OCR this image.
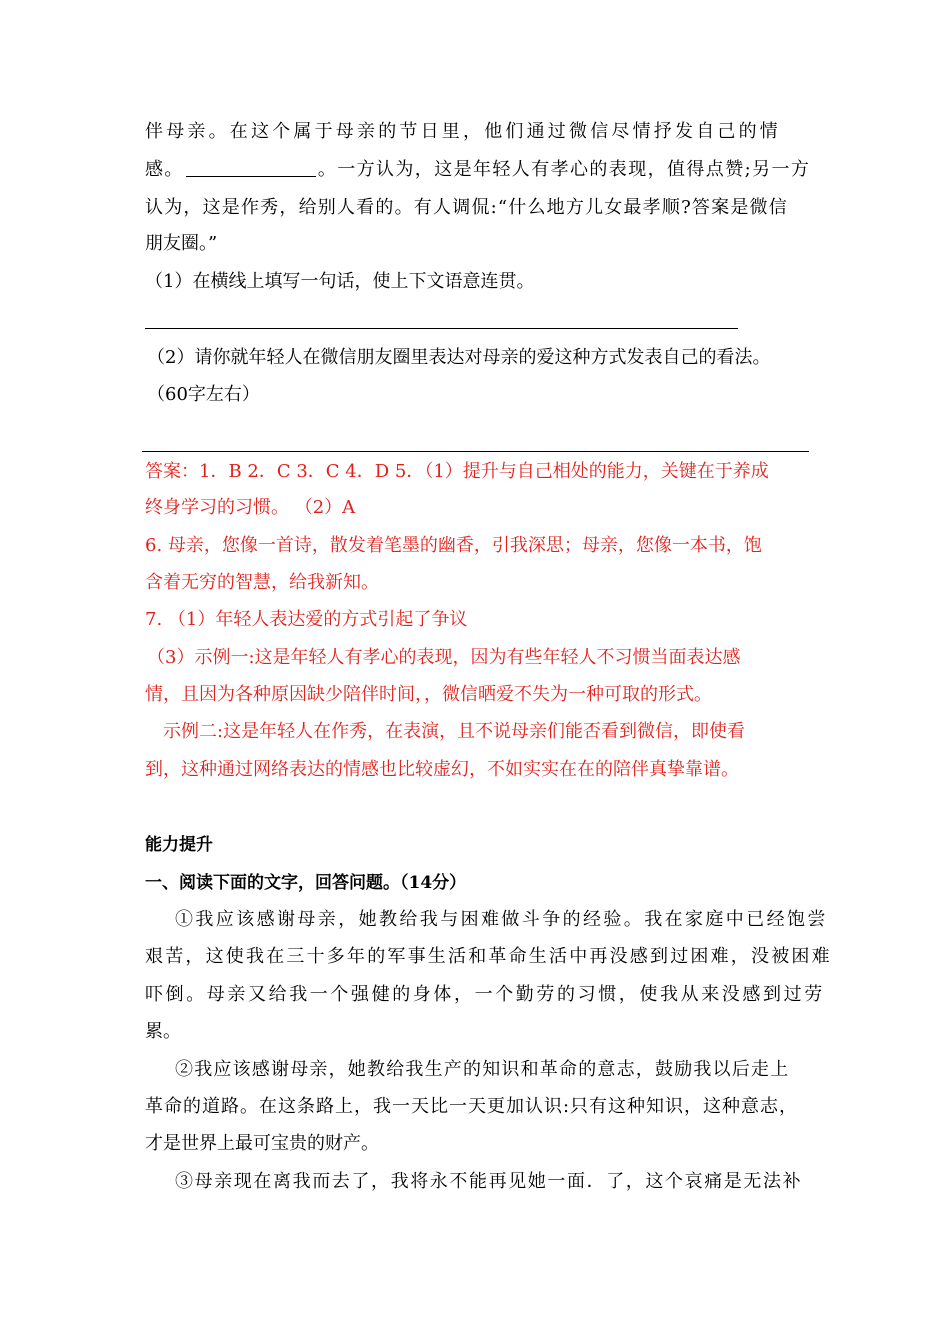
伴母亲。在这个属于母亲的节日里，他们通过微信尽情抒发自己的情
感。	。一方认为，这是年轻人有孝心的表现，值得点赞;另一方
认为，这是作秀，给别人看的。有人调侃:“什么地方儿女最孝顺?答案是微信
朋友圈。”
（1）在横线上填写一句话，使上下文语意连贯。
（2）请你就年轻人在微信朋友圈里表达对母亲的爱这种方式发表自己的看法。
（60字左右）
答案：1．B 2．C 3．C 4．D 5．（1）提升与自己相处的能力，关键在于养成
终身学习的习惯。 （2）A
6. 母亲，您像一首诗，散发着笔墨的幽香，引我深思；母亲，您像一本书，饱
含着无穷的智慧，给我新知。
7. （1）年轻人表达爱的方式引起了争议
（3）示例一:这是年轻人有孝心的表现，因为有些年轻人不习惯当面表达感
情，且因为各种原因缺少陪伴时间，，微信晒爱不失为一种可取的形式。
示例二:这是年轻人在作秀，在表演，且不说母亲们能否看到微信，即使看
到，这种通过网络表达的情感也比较虚幻，不如实实在在的陪伴真挚靠谱。
能力提升
一、阅读下面的文字，回答问题。（14分）
①我应该感谢母亲，她教给我与困难做斗争的经验。我在家庭中已经饱尝
艰苦，这使我在三十多年的军事生活和革命生活中再没感到过困难，没被困难
吓倒。母亲又给我一个强健的身体，一个勤劳的习惯，使我从来没感到过劳
累。
②我应该感谢母亲，她教给我生产的知识和革命的意志，鼓励我以后走上
革命的道路。在这条路上，我一天比一天更加认识:只有这种知识，这种意志，
才是世界上最可宝贵的财产。
③母亲现在离我而去了，我将永不能再见她一面．了，这个哀痛是无法补
